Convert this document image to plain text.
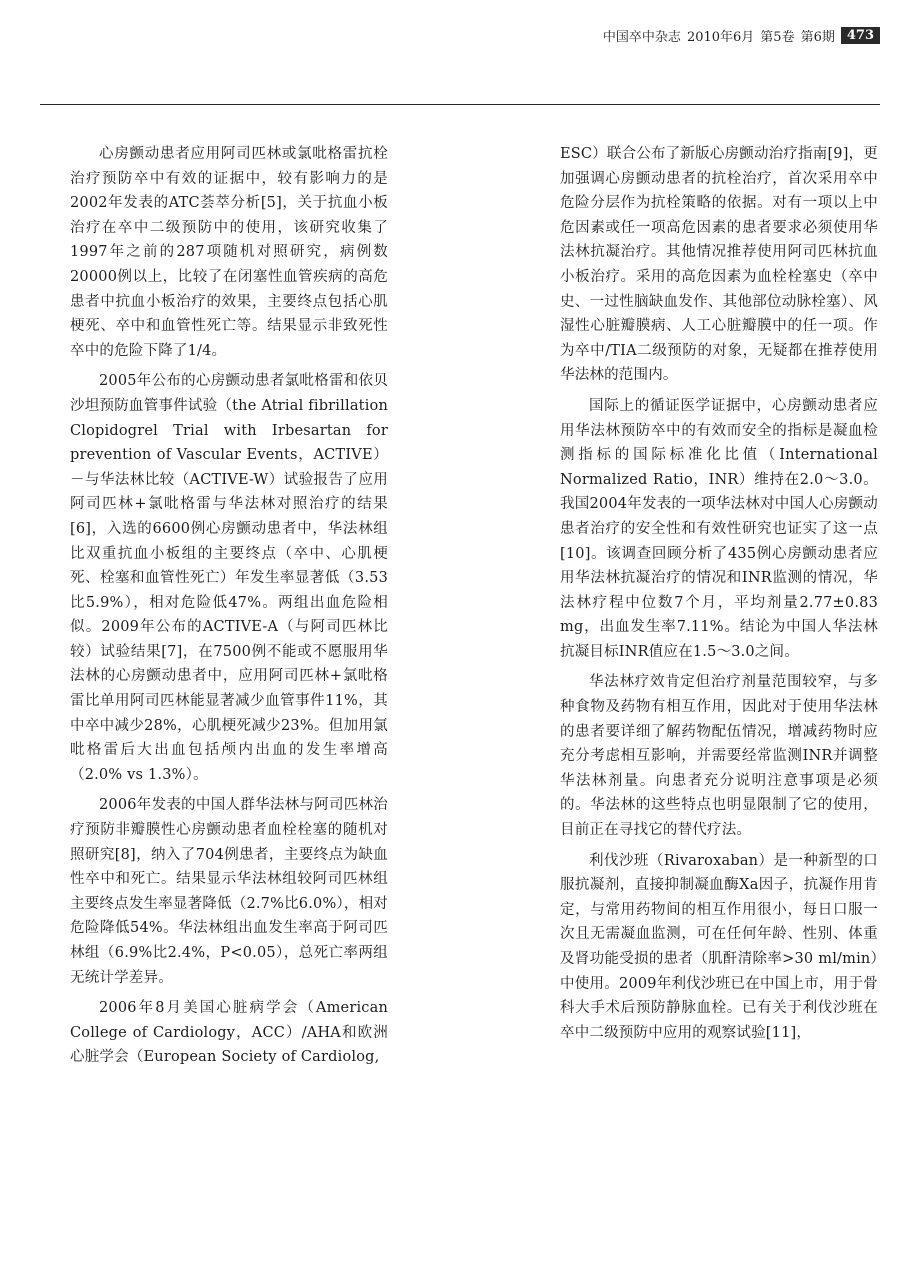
中国卒中杂志 2010年6月 第5卷 第6期 473

心房颤动患者应用阿司匹林或氯吡格雷抗栓治疗预防卒中有效的证据中，较有影响力的是2002年发表的ATC荟萃分析[5]，关于抗血小板治疗在卒中二级预防中的使用，该研究收集了1997年之前的287项随机对照研究，病例数20000例以上，比较了在闭塞性血管疾病的高危患者中抗血小板治疗的效果，主要终点包括心肌梗死、卒中和血管性死亡等。结果显示非致死性卒中的危险下降了1/4。

2005年公布的心房颤动患者氯吡格雷和依贝沙坦预防血管事件试验（the Atrial fibrillation Clopidogrel Trial with Irbesartan for prevention of Vascular Events，ACTIVE）－与华法林比较（ACTIVE-W）试验报告了应用阿司匹林+氯吡格雷与华法林对照治疗的结果[6]，入选的6600例心房颤动患者中，华法林组比双重抗血小板组的主要终点（卒中、心肌梗死、栓塞和血管性死亡）年发生率显著低（3.53比5.9%），相对危险低47%。两组出血危险相似。2009年公布的ACTIVE-A（与阿司匹林比较）试验结果[7]，在7500例不能或不愿服用华法林的心房颤动患者中，应用阿司匹林+氯吡格雷比单用阿司匹林能显著减少血管事件11%，其中卒中减少28%，心肌梗死减少23%。但加用氯吡格雷后大出血包括颅内出血的发生率增高（2.0% vs 1.3%）。

2006年发表的中国人群华法林与阿司匹林治疗预防非瓣膜性心房颤动患者血栓栓塞的随机对照研究[8]，纳入了704例患者，主要终点为缺血性卒中和死亡。结果显示华法林组较阿司匹林组主要终点发生率显著降低（2.7%比6.0%），相对危险降低54%。华法林组出血发生率高于阿司匹林组（6.9%比2.4%，P<0.05），总死亡率两组无统计学差异。

2006年8月美国心脏病学会（American College of Cardiology，ACC）/AHA和欧洲心脏学会（European Society of Cardiolog,

ESC）联合公布了新版心房颤动治疗指南[9]，更加强调心房颤动患者的抗栓治疗，首次采用卒中危险分层作为抗栓策略的依据。对有一项以上中危因素或任一项高危因素的患者要求必须使用华法林抗凝治疗。其他情况推荐使用阿司匹林抗血小板治疗。采用的高危因素为血栓栓塞史（卒中史、一过性脑缺血发作、其他部位动脉栓塞）、风湿性心脏瓣膜病、人工心脏瓣膜中的任一项。作为卒中/TIA二级预防的对象，无疑都在推荐使用华法林的范围内。

国际上的循证医学证据中，心房颤动患者应用华法林预防卒中的有效而安全的指标是凝血检测指标的国际标准化比值（International Normalized Ratio，INR）维持在2.0～3.0。我国2004年发表的一项华法林对中国人心房颤动患者治疗的安全性和有效性研究也证实了这一点[10]。该调查回顾分析了435例心房颤动患者应用华法林抗凝治疗的情况和INR监测的情况，华法林疗程中位数7个月，平均剂量2.77±0.83 mg，出血发生率7.11%。结论为中国人华法林抗凝目标INR值应在1.5～3.0之间。

华法林疗效肯定但治疗剂量范围较窄，与多种食物及药物有相互作用，因此对于使用华法林的患者要详细了解药物配伍情况，增减药物时应充分考虑相互影响，并需要经常监测INR并调整华法林剂量。向患者充分说明注意事项是必须的。华法林的这些特点也明显限制了它的使用，目前正在寻找它的替代疗法。

利伐沙班（Rivaroxaban）是一种新型的口服抗凝剂，直接抑制凝血酶Xa因子，抗凝作用肯定，与常用药物间的相互作用很小，每日口服一次且无需凝血监测，可在任何年龄、性别、体重及肾功能受损的患者（肌酐清除率>30 ml/min）中使用。2009年利伐沙班已在中国上市，用于骨科大手术后预防静脉血栓。已有关于利伐沙班在卒中二级预防中应用的观察试验[11]，
